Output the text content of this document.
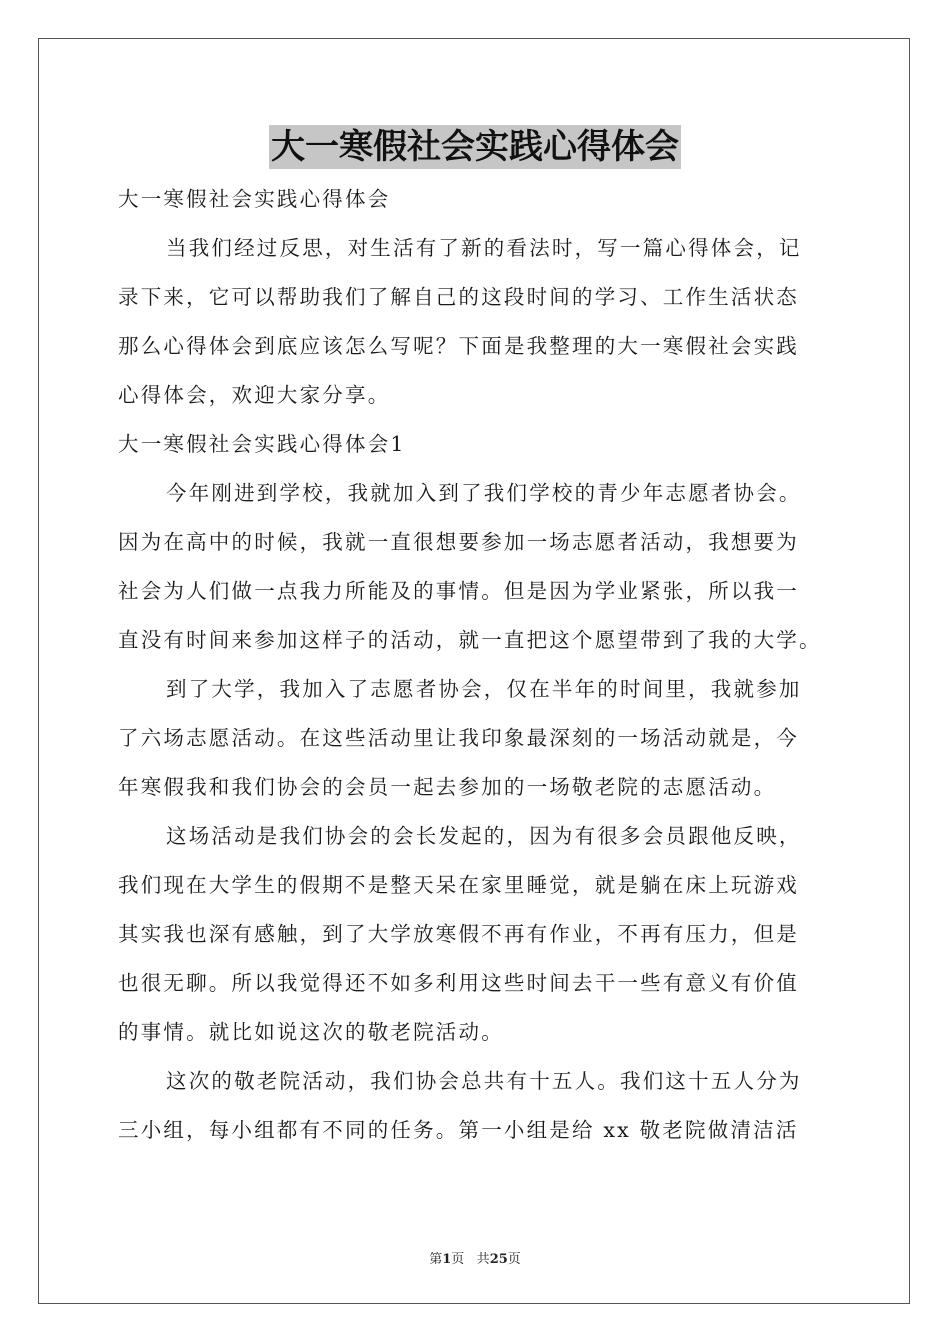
大一寒假社会实践心得体会
大一寒假社会实践心得体会
当我们经过反思，对生活有了新的看法时，写一篇心得体会，记
录下来，它可以帮助我们了解自己的这段时间的学习、工作生活状态
那么心得体会到底应该怎么写呢？下面是我整理的大一寒假社会实践
心得体会，欢迎大家分享。
大一寒假社会实践心得体会1
今年刚进到学校，我就加入到了我们学校的青少年志愿者协会。
因为在高中的时候，我就一直很想要参加一场志愿者活动，我想要为
社会为人们做一点我力所能及的事情。但是因为学业紧张，所以我一
直没有时间来参加这样子的活动，就一直把这个愿望带到了我的大学。
到了大学，我加入了志愿者协会，仅在半年的时间里，我就参加
了六场志愿活动。在这些活动里让我印象最深刻的一场活动就是，今
年寒假我和我们协会的会员一起去参加的一场敬老院的志愿活动。
这场活动是我们协会的会长发起的，因为有很多会员跟他反映，
我们现在大学生的假期不是整天呆在家里睡觉，就是躺在床上玩游戏
其实我也深有感触，到了大学放寒假不再有作业，不再有压力，但是
也很无聊。所以我觉得还不如多利用这些时间去干一些有意义有价值
的事情。就比如说这次的敬老院活动。
这次的敬老院活动，我们协会总共有十五人。我们这十五人分为
三小组，每小组都有不同的任务。第一小组是给 xx 敬老院做清洁活
第1页 共25页
